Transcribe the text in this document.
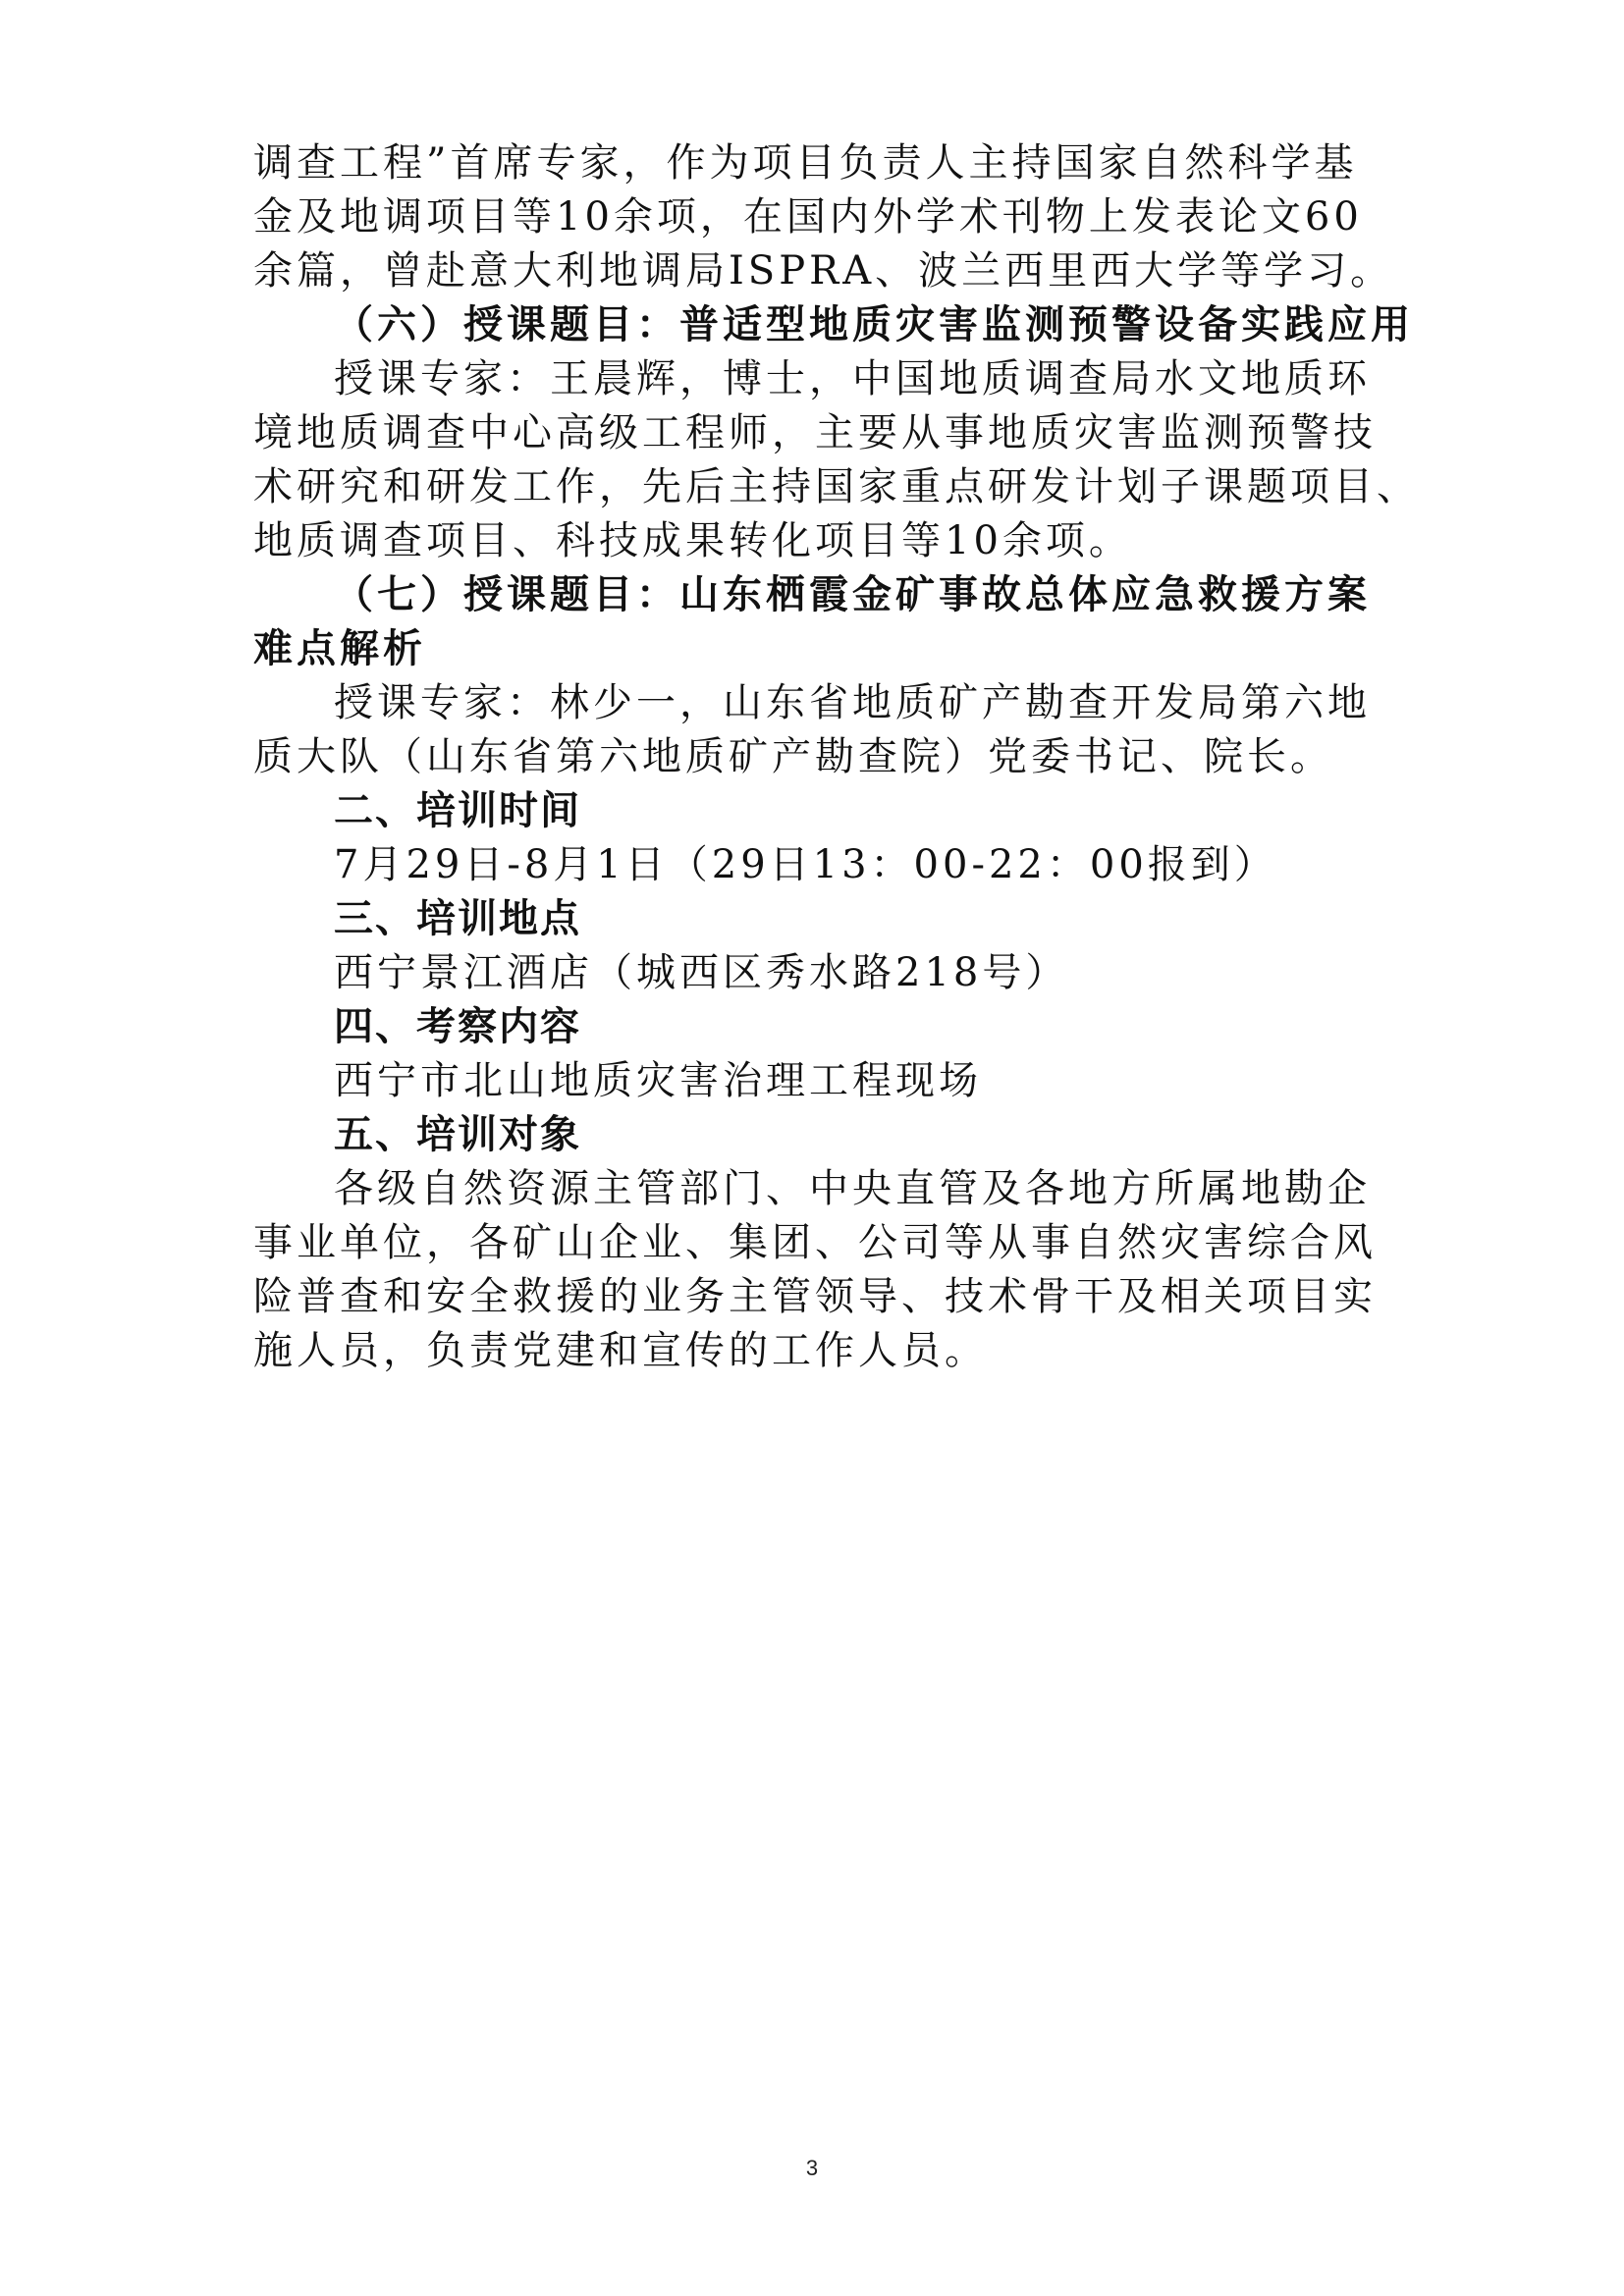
调查工程”首席专家，作为项目负责人主持国家自然科学基
金及地调项目等10余项，在国内外学术刊物上发表论文60
余篇，曾赴意大利地调局ISPRA、波兰西里西大学等学习。
（六）授课题目：普适型地质灾害监测预警设备实践应用
授课专家：王晨辉，博士，中国地质调查局水文地质环
境地质调查中心高级工程师，主要从事地质灾害监测预警技
术研究和研发工作，先后主持国家重点研发计划子课题项目、
地质调查项目、科技成果转化项目等10余项。
（七）授课题目：山东栖霞金矿事故总体应急救援方案
难点解析
授课专家：林少一，山东省地质矿产勘查开发局第六地
质大队（山东省第六地质矿产勘查院）党委书记、院长。
二、培训时间
7月29日-8月1日（29日13：00-22：00报到）
三、培训地点
西宁景江酒店（城西区秀水路218号）
四、考察内容
西宁市北山地质灾害治理工程现场
五、培训对象
各级自然资源主管部门、中央直管及各地方所属地勘企
事业单位，各矿山企业、集团、公司等从事自然灾害综合风
险普查和安全救援的业务主管领导、技术骨干及相关项目实
施人员，负责党建和宣传的工作人员。
3
